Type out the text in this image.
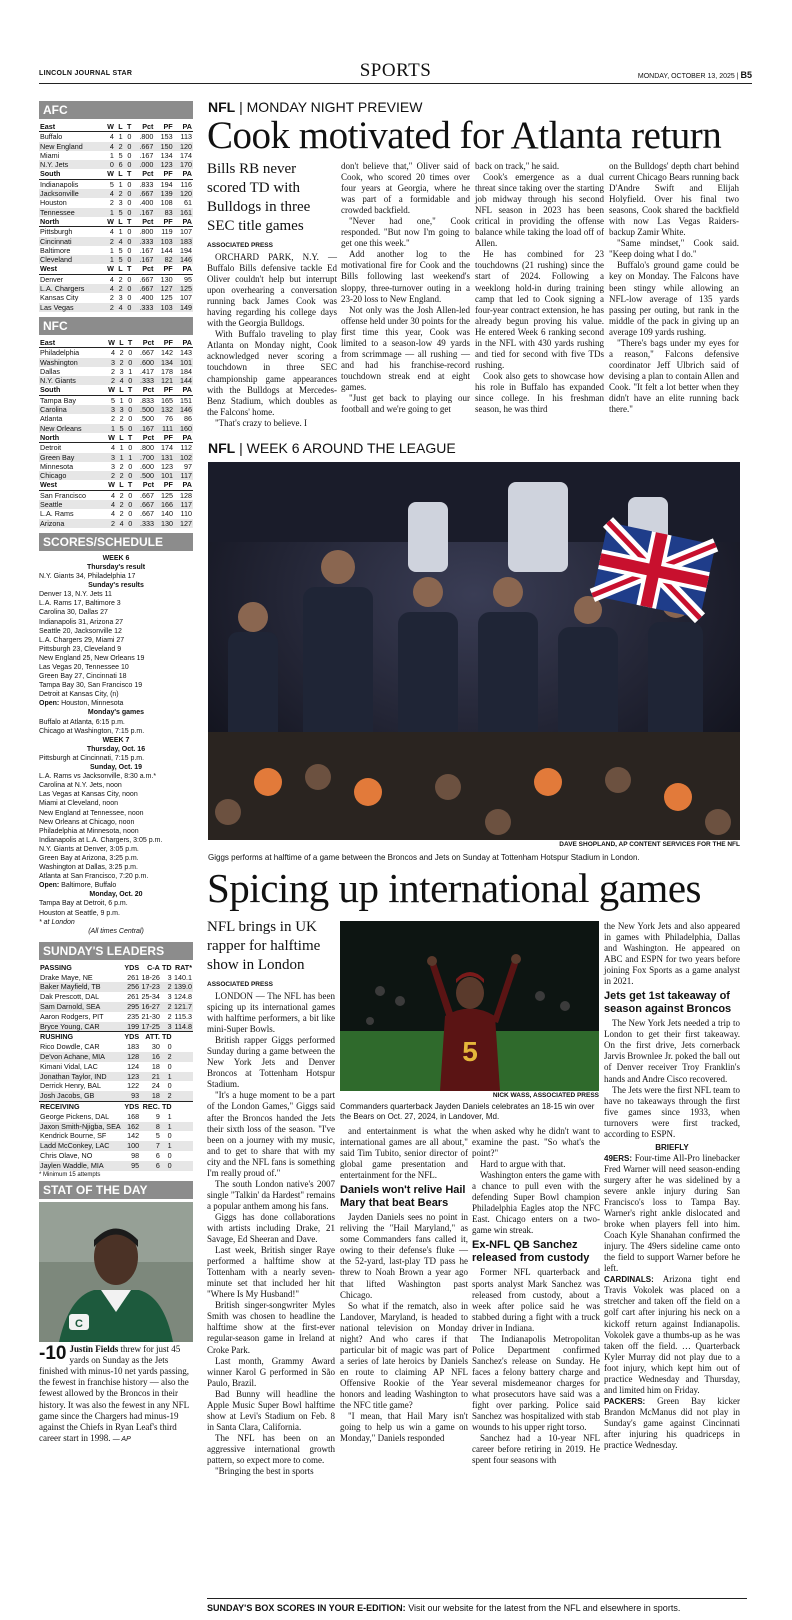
LINCOLN JOURNAL STAR	SPORTS	MONDAY, OCTOBER 13, 2025 | B5
AFC
East	W	L	T	Pct	PF	PA
Buffalo	4	1	0	.800	153	113
New England	4	2	0	.667	150	120
Miami	1	5	0	.167	134	174
N.Y. Jets	0	6	0	.000	123	170
South	W	L	T	Pct	PF	PA
Indianapolis	5	1	0	.833	194	116
Jacksonville	4	2	0	.667	139	120
Houston	2	3	0	.400	108	61
Tennessee	1	5	0	.167	83	161
North	W	L	T	Pct	PF	PA
Pittsburgh	4	1	0	.800	119	107
Cincinnati	2	4	0	.333	103	183
Baltimore	1	5	0	.167	144	194
Cleveland	1	5	0	.167	82	146
West	W	L	T	Pct	PF	PA
Denver	4	2	0	.667	130	95
L.A. Chargers	4	2	0	.667	127	125
Kansas City	2	3	0	.400	125	107
Las Vegas	2	4	0	.333	103	149
NFC
East	W	L	T	Pct	PF	PA
Philadelphia	4	2	0	.667	142	143
Washington	3	2	0	.600	134	101
Dallas	2	3	1	.417	178	184
N.Y. Giants	2	4	0	.333	121	144
South	W	L	T	Pct	PF	PA
Tampa Bay	5	1	0	.833	165	151
Carolina	3	3	0	.500	132	146
Atlanta	2	2	0	.500	76	86
New Orleans	1	5	0	.167	111	160
North	W	L	T	Pct	PF	PA
Detroit	4	1	0	.800	174	112
Green Bay	3	1	1	.700	131	102
Minnesota	3	2	0	.600	123	97
Chicago	2	2	0	.500	101	117
West	W	L	T	Pct	PF	PA
San Francisco	4	2	0	.667	125	128
Seattle	4	2	0	.667	166	117
L.A. Rams	4	2	0	.667	140	110
Arizona	2	4	0	.333	130	127
SCORES/SCHEDULE
WEEK 6
Thursday's result
N.Y. Giants 34, Philadelphia 17
Sunday's results
Denver 13, N.Y. Jets 11
L.A. Rams 17, Baltimore 3
Carolina 30, Dallas 27
Indianapolis 31, Arizona 27
Seattle 20, Jacksonville 12
L.A. Chargers 29, Miami 27
Pittsburgh 23, Cleveland 9
New England 25, New Orleans 19
Las Vegas 20, Tennessee 10
Green Bay 27, Cincinnati 18
Tampa Bay 30, San Francisco 19
Detroit at Kansas City, (n)
Open: Houston, Minnesota
Monday's games
Buffalo at Atlanta, 6:15 p.m.
Chicago at Washington, 7:15 p.m.
WEEK 7
Thursday, Oct. 16
Pittsburgh at Cincinnati, 7:15 p.m.
Sunday, Oct. 19
L.A. Rams vs Jacksonville, 8:30 a.m.*
Carolina at N.Y. Jets, noon
Las Vegas at Kansas City, noon
Miami at Cleveland, noon
New England at Tennessee, noon
New Orleans at Chicago, noon
Philadelphia at Minnesota, noon
Indianapolis at L.A. Chargers, 3:05 p.m.
N.Y. Giants at Denver, 3:05 p.m.
Green Bay at Arizona, 3:25 p.m.
Washington at Dallas, 3:25 p.m.
Atlanta at San Francisco, 7:20 p.m.
Open: Baltimore, Buffalo
Monday, Oct. 20
Tampa Bay at Detroit, 6 p.m.
Houston at Seattle, 9 p.m.
* at London
(All times Central)
SUNDAY'S LEADERS
PASSING	YDS	C-A	TD	RAT*
Drake Maye, NE	261	18-26	3	140.1
Baker Mayfield, TB	256	17-23	2	139.0
Dak Prescott, DAL	261	25-34	3	124.8
Sam Darnold, SEA	295	16-27	2	121.7
Aaron Rodgers, PIT	235	21-30	2	115.3
Bryce Young, CAR	199	17-25	3	114.8
RUSHING	YDS	ATT.	TD	
Rico Dowdle, CAR	183	30	0	
De'von Achane, MIA	128	16	2	
Kimani Vidal, LAC	124	18	0	
Jonathan Taylor, IND	123	21	1	
Derrick Henry, BAL	122	24	0	
Josh Jacobs, GB	93	18	2	
RECEIVING	YDS	REC.	TD	
George Pickens, DAL	168	9	1	
Jaxon Smith-Njigba, SEA	162	8	1	
Kendrick Bourne, SF	142	5	0	
Ladd McConkey, LAC	100	7	1	
Chris Olave, NO	98	6	0	
Jaylen Waddle, MIA	95	6	0	
* Minimum 15 attempts
STAT OF THE DAY
C
-10 Justin Fields threw for just 45 yards on Sunday as the Jets finished with minus-10 net yards passing, the fewest in franchise history — also the fewest allowed by the Broncos in their history. It was also the fewest in any NFL game since the Chargers had minus-19 against the Chiefs in Ryan Leaf's third career start in 1998. — AP
NFL | MONDAY NIGHT PREVIEW
Cook motivated for Atlanta return
Bills RB never scored TD with Bulldogs in three SEC title games
ASSOCIATED PRESS

ORCHARD PARK, N.Y. — Buffalo Bills defensive tackle Ed Oliver couldn't help but interrupt upon overhearing a conversation running back James Cook was having regarding his college days with the Georgia Bulldogs.

With Buffalo traveling to play Atlanta on Monday night, Cook acknowledged never scoring a touchdown in three SEC championship game appearances with the Bulldogs at Mercedes-Benz Stadium, which doubles as the Falcons' home.

"That's crazy to believe. I

don't believe that," Oliver said of Cook, who scored 20 times over four years at Georgia, where he was part of a formidable and crowded backfield.

"Never had one," Cook responded. "But now I'm going to get one this week."

Add another log to the motivational fire for Cook and the Bills following last weekend's sloppy, three-turnover outing in a 23-20 loss to New England.

Not only was the Josh Allen-led offense held under 30 points for the first time this year, Cook was limited to a season-low 49 yards from scrimmage — all rushing — and had his franchise-record touchdown streak end at eight games.

"Just get back to playing our football and we're going to get

back on track," he said.

Cook's emergence as a dual threat since taking over the starting job midway through his second NFL season in 2023 has been critical in providing the offense balance while taking the load off of Allen.

He has combined for 23 touchdowns (21 rushing) since the start of 2024. Following a weeklong hold-in during training camp that led to Cook signing a four-year contract extension, he has already begun proving his value. He entered Week 6 ranking second in the NFL with 430 yards rushing and tied for second with five TDs rushing.

Cook also gets to showcase how his role in Buffalo has expanded since college. In his freshman season, he was third

on the Bulldogs' depth chart behind current Chicago Bears running back D'Andre Swift and Elijah Holyfield. Over his final two seasons, Cook shared the backfield with now Las Vegas Raiders-backup Zamir White.

"Same mindset," Cook said. "Keep doing what I do."

Buffalo's ground game could be key on Monday. The Falcons have been stingy while allowing an NFL-low average of 135 yards passing per outing, but rank in the middle of the pack in giving up an average 109 yards rushing.

"There's bags under my eyes for a reason," Falcons defensive coordinator Jeff Ulbrich said of devising a plan to contain Allen and Cook. "It felt a lot better when they didn't have an elite running back there."

NFL | WEEK 6 AROUND THE LEAGUE
DAVE SHOPLAND, AP CONTENT SERVICES FOR THE NFL
Giggs performs at halftime of a game between the Broncos and Jets on Sunday at Tottenham Hotspur Stadium in London.
Spicing up international games
NFL brings in UK rapper for halftime show in London
ASSOCIATED PRESS

LONDON — The NFL has been spicing up its international games with halftime performers, a bit like mini-Super Bowls.

British rapper Giggs performed Sunday during a game between the New York Jets and Denver Broncos at Tottenham Hotspur Stadium.

"It's a huge moment to be a part of the London Games," Giggs said after the Broncos handed the Jets their sixth loss of the season. "I've been on a journey with my music, and to get to share that with my city and the NFL fans is something I'm really proud of."

The south London native's 2007 single "Talkin' da Hardest" remains a popular anthem among his fans.

Giggs has done collaborations with artists including Drake, 21 Savage, Ed Sheeran and Dave.

Last week, British singer Raye performed a halftime show at Tottenham with a nearly seven-minute set that included her hit "Where Is My Husband!"

British singer-songwriter Myles Smith was chosen to headline the halftime show at the first-ever regular-season game in Ireland at Croke Park.

Last month, Grammy Award winner Karol G performed in São Paulo, Brazil.

Bad Bunny will headline the Apple Music Super Bowl halftime show at Levi's Stadium on Feb. 8 in Santa Clara, California.

The NFL has been on an aggressive international growth pattern, so expect more to come.

"Bringing the best in sports

5
NICK WASS, ASSOCIATED PRESS
Commanders quarterback Jayden Daniels celebrates an 18-15 win over the Bears on Oct. 27, 2024, in Landover, Md.

and entertainment is what the international games are all about," said Tim Tubito, senior director of global game presentation and entertainment for the NFL.

Daniels won't relive Hail Mary that beat Bears

Jayden Daniels sees no point in reliving the "Hail Maryland," as some Commanders fans called it, owing to their defense's fluke — the 52-yard, last-play TD pass he threw to Noah Brown a year ago that lifted Washington past Chicago.

So what if the rematch, also in Landover, Maryland, is headed to national television on Monday night? And who cares if that particular bit of magic was part of a series of late heroics by Daniels en route to claiming AP NFL Offensive Rookie of the Year honors and leading Washington to the NFC title game?

"I mean, that Hail Mary isn't going to help us win a game on Monday," Daniels responded

when asked why he didn't want to examine the past. "So what's the point?"

Hard to argue with that.

Washington enters the game with a chance to pull even with the defending Super Bowl champion Philadelphia Eagles atop the NFC East. Chicago enters on a two-game win streak.

Ex-NFL QB Sanchez released from custody

Former NFL quarterback and sports analyst Mark Sanchez was released from custody, about a week after police said he was stabbed during a fight with a truck driver in Indiana.

The Indianapolis Metropolitan Police Department confirmed Sanchez's release on Sunday. He faces a felony battery charge and several misdemeanor charges for what prosecutors have said was a fight over parking. Police said Sanchez was hospitalized with stab wounds to his upper right torso.

Sanchez had a 10-year NFL career before retiring in 2019. He spent four seasons with

the New York Jets and also appeared in games with Philadelphia, Dallas and Washington. He appeared on ABC and ESPN for two years before joining Fox Sports as a game analyst in 2021.

Jets get 1st takeaway of season against Broncos

The New York Jets needed a trip to London to get their first takeaway. On the first drive, Jets cornerback Jarvis Brownlee Jr. poked the ball out of Denver receiver Troy Franklin's hands and Andre Cisco recovered.

The Jets were the first NFL team to have no takeaways through the first five games since 1933, when turnovers were first tracked, according to ESPN.

BRIEFLY
49ERS: Four-time All-Pro linebacker Fred Warner will need season-ending surgery after he was sidelined by a severe ankle injury during San Francisco's loss to Tampa Bay. Warner's right ankle dislocated and broke when players fell into him. Coach Kyle Shanahan confirmed the injury. The 49ers sideline came onto the field to support Warner before he left.
CARDINALS: Arizona tight end Travis Vokolek was placed on a stretcher and taken off the field on a golf cart after injuring his neck on a kickoff return against Indianapolis. Vokolek gave a thumbs-up as he was taken off the field. … Quarterback Kyler Murray did not play due to a foot injury, which kept him out of practice Wednesday and Thursday, and limited him on Friday.
PACKERS: Green Bay kicker Brandon McManus did not play in Sunday's game against Cincinnati after injuring his quadriceps in practice Wednesday.
SUNDAY'S BOX SCORES IN YOUR E-EDITION: Visit our website for the latest from the NFL and elsewhere in sports.
